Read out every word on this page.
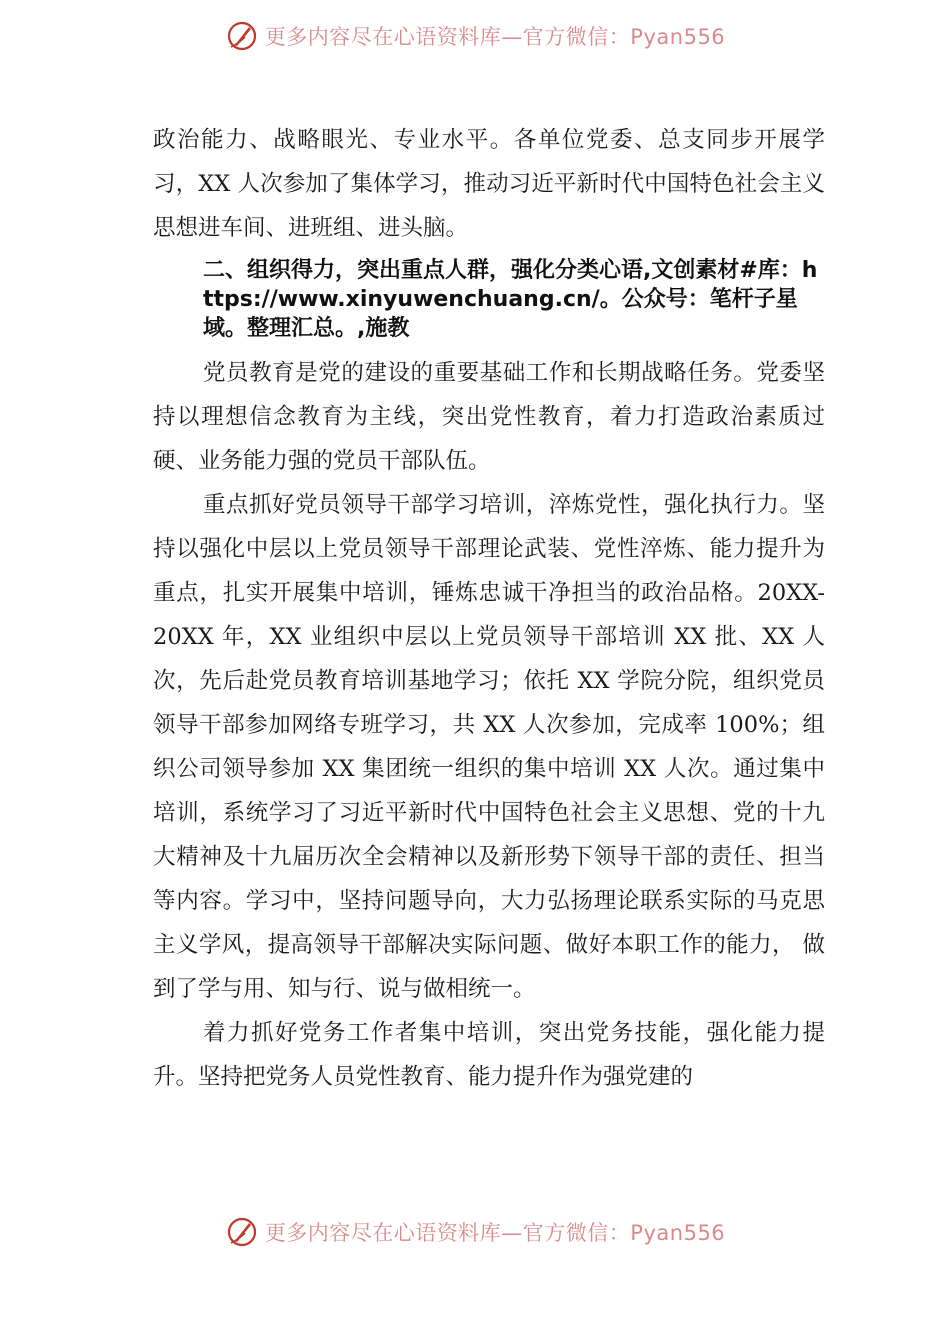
更多内容尽在心语资料库—官方微信：Pyan556

政治能力、战略眼光、专业水平。各单位党委、总支同步开展学习，XX 人次参加了集体学习，推动习近平新时代中国特色社会主义思想进车间、进班组、进头脑。

二、组织得力，突出重点人群，强化分类心语,文创素材#库：https://www.xinyuwenchuang.cn/。公众号：笔杆子星域。整理汇总。,施教

党员教育是党的建设的重要基础工作和长期战略任务。党委坚持以理想信念教育为主线，突出党性教育，着力打造政治素质过硬、业务能力强的党员干部队伍。

重点抓好党员领导干部学习培训，淬炼党性，强化执行力。坚持以强化中层以上党员领导干部理论武装、党性淬炼、能力提升为重点，扎实开展集中培训，锤炼忠诚干净担当的政治品格。20XX-20XX 年，XX 业组织中层以上党员领导干部培训 XX 批、XX 人次，先后赴党员教育培训基地学习；依托 XX 学院分院，组织党员领导干部参加网络专班学习，共 XX 人次参加，完成率 100%；组织公司领导参加 XX 集团统一组织的集中培训 XX 人次。通过集中培训，系统学习了习近平新时代中国特色社会主义思想、党的十九大精神及十九届历次全会精神以及新形势下领导干部的责任、担当等内容。学习中，坚持问题导向，大力弘扬理论联系实际的马克思主义学风，提高领导干部解决实际问题、做好本职工作的能力， 做到了学与用、知与行、说与做相统一。

着力抓好党务工作者集中培训，突出党务技能，强化能力提升。坚持把党务人员党性教育、能力提升作为强党建的

更多内容尽在心语资料库—官方微信：Pyan556
